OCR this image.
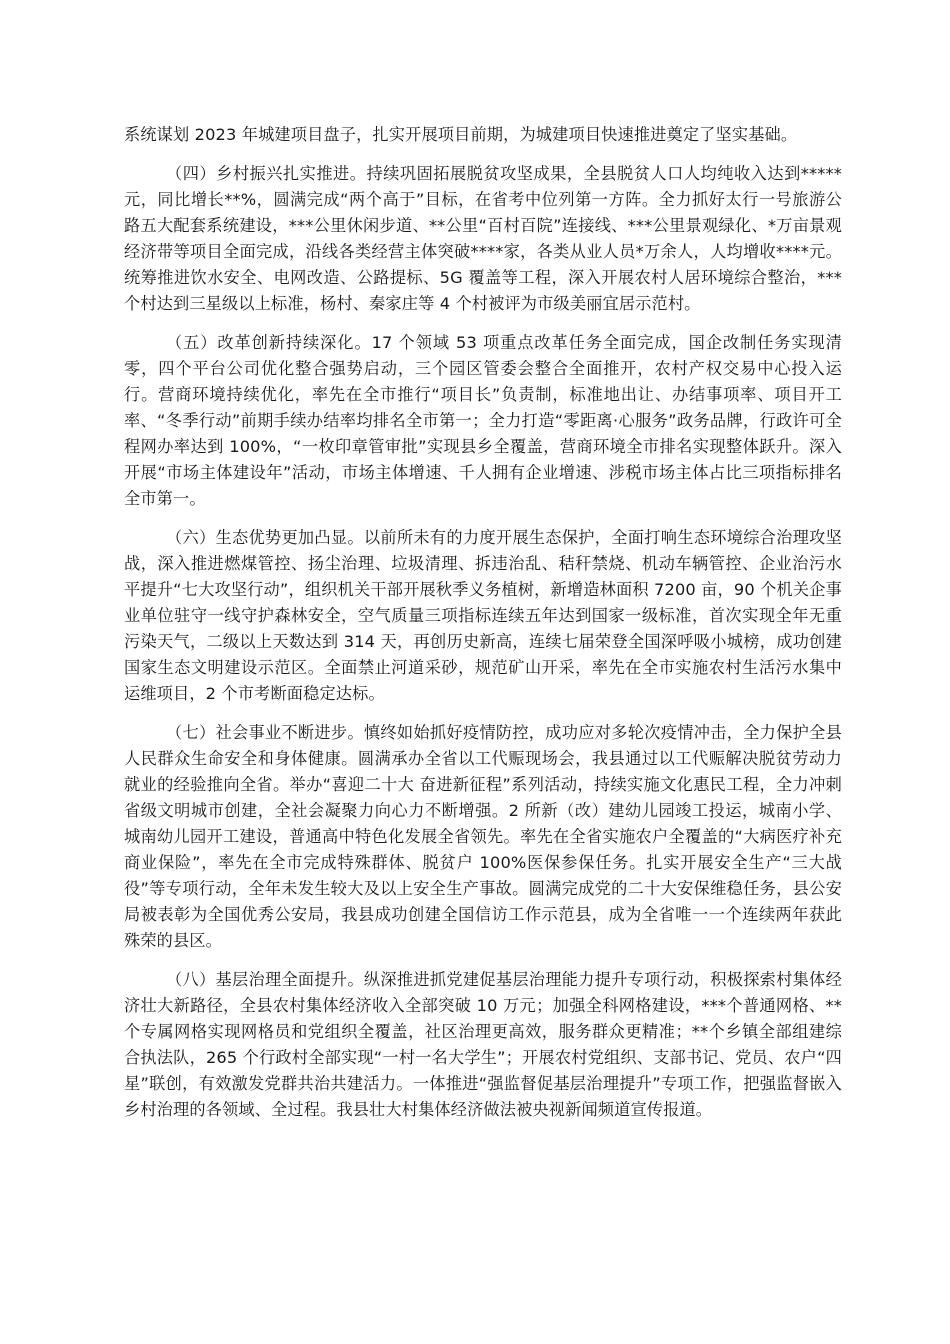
系统谋划 2023 年城建项目盘子，扎实开展项目前期，为城建项目快速推进奠定了坚实基础。

（四）乡村振兴扎实推进。持续巩固拓展脱贫攻坚成果，全县脱贫人口人均纯收入达到*****元，同比增长**%，圆满完成“两个高于”目标，在省考中位列第一方阵。全力抓好太行一号旅游公路五大配套系统建设，***公里休闲步道、**公里“百村百院”连接线、***公里景观绿化、*万亩景观经济带等项目全面完成，沿线各类经营主体突破****家，各类从业人员*万余人，人均增收****元。统筹推进饮水安全、电网改造、公路提标、5G 覆盖等工程，深入开展农村人居环境综合整治，***个村达到三星级以上标准，杨村、秦家庄等 4 个村被评为市级美丽宜居示范村。

（五）改革创新持续深化。17 个领域 53 项重点改革任务全面完成，国企改制任务实现清零，四个平台公司优化整合强势启动，三个园区管委会整合全面推开，农村产权交易中心投入运行。营商环境持续优化，率先在全市推行“项目长”负责制，标准地出让、办结事项率、项目开工率、“冬季行动”前期手续办结率均排名全市第一；全力打造“零距离·心服务”政务品牌，行政许可全程网办率达到 100%，“一枚印章管审批”实现县乡全覆盖，营商环境全市排名实现整体跃升。深入开展“市场主体建设年”活动，市场主体增速、千人拥有企业增速、涉税市场主体占比三项指标排名全市第一。

（六）生态优势更加凸显。以前所未有的力度开展生态保护，全面打响生态环境综合治理攻坚战，深入推进燃煤管控、扬尘治理、垃圾清理、拆违治乱、秸秆禁烧、机动车辆管控、企业治污水平提升“七大攻坚行动”，组织机关干部开展秋季义务植树，新增造林面积 7200 亩，90 个机关企事业单位驻守一线守护森林安全，空气质量三项指标连续五年达到国家一级标准，首次实现全年无重污染天气，二级以上天数达到 314 天，再创历史新高，连续七届荣登全国深呼吸小城榜，成功创建国家生态文明建设示范区。全面禁止河道采砂，规范矿山开采，率先在全市实施农村生活污水集中运维项目，2 个市考断面稳定达标。

（七）社会事业不断进步。慎终如始抓好疫情防控，成功应对多轮次疫情冲击，全力保护全县人民群众生命安全和身体健康。圆满承办全省以工代赈现场会，我县通过以工代赈解决脱贫劳动力就业的经验推向全省。举办“喜迎二十大 奋进新征程”系列活动，持续实施文化惠民工程，全力冲刺省级文明城市创建，全社会凝聚力向心力不断增强。2 所新（改）建幼儿园竣工投运，城南小学、城南幼儿园开工建设，普通高中特色化发展全省领先。率先在全省实施农户全覆盖的“大病医疗补充商业保险”，率先在全市完成特殊群体、脱贫户 100%医保参保任务。扎实开展安全生产“三大战役”等专项行动，全年未发生较大及以上安全生产事故。圆满完成党的二十大安保维稳任务，县公安局被表彰为全国优秀公安局，我县成功创建全国信访工作示范县，成为全省唯一一个连续两年获此殊荣的县区。

（八）基层治理全面提升。纵深推进抓党建促基层治理能力提升专项行动，积极探索村集体经济壮大新路径，全县农村集体经济收入全部突破 10 万元；加强全科网格建设，***个普通网格、**个专属网格实现网格员和党组织全覆盖，社区治理更高效，服务群众更精准；**个乡镇全部组建综合执法队，265 个行政村全部实现“一村一名大学生”；开展农村党组织、支部书记、党员、农户“四星”联创，有效激发党群共治共建活力。一体推进“强监督促基层治理提升”专项工作，把强监督嵌入乡村治理的各领域、全过程。我县壮大村集体经济做法被央视新闻频道宣传报道。
